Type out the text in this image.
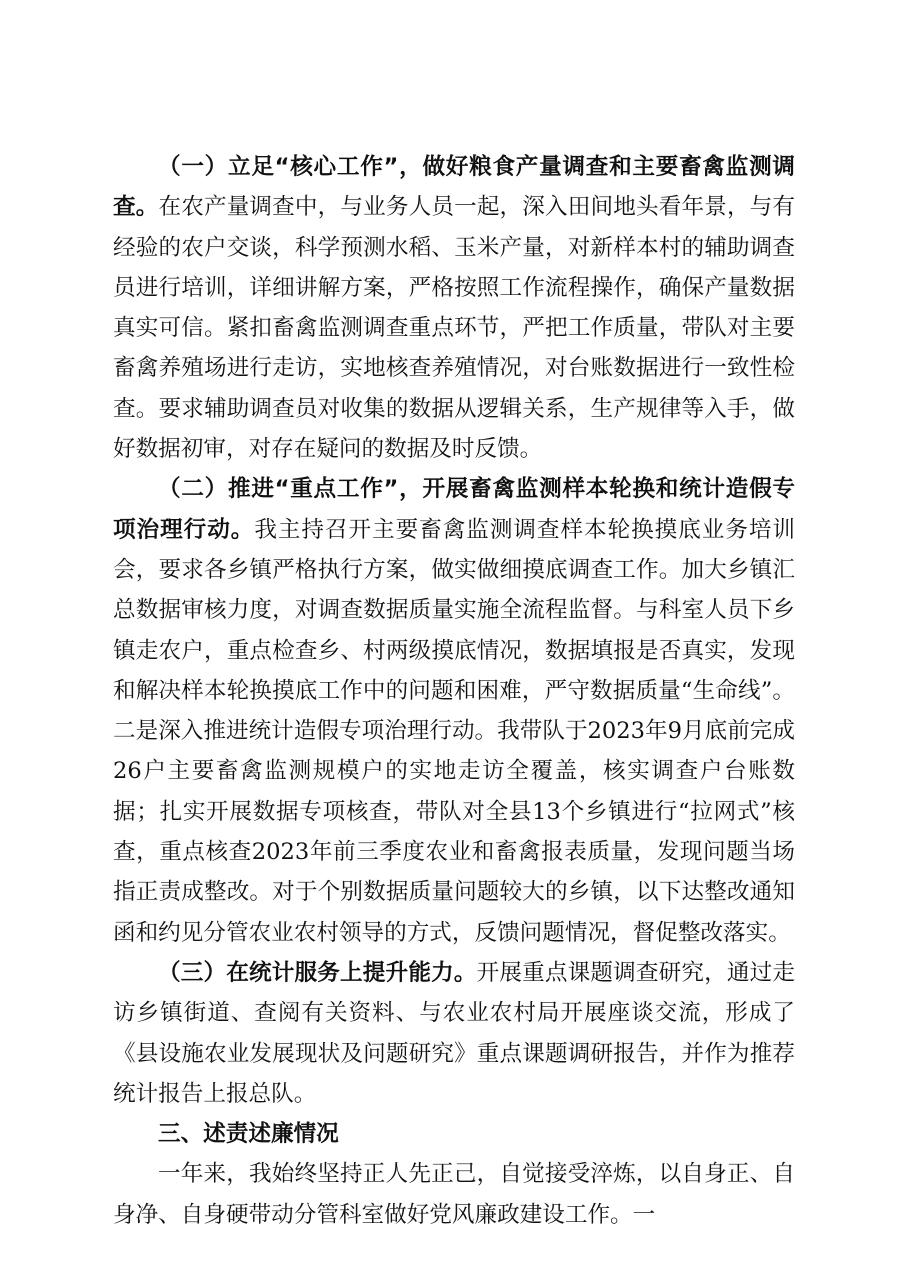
（一）立足“核心工作”，做好粮食产量调查和主要畜禽监测调查。在农产量调查中，与业务人员一起，深入田间地头看年景，与有经验的农户交谈，科学预测水稻、玉米产量，对新样本村的辅助调查员进行培训，详细讲解方案，严格按照工作流程操作，确保产量数据真实可信。紧扣畜禽监测调查重点环节，严把工作质量，带队对主要畜禽养殖场进行走访，实地核查养殖情况，对台账数据进行一致性检查。要求辅助调查员对收集的数据从逻辑关系，生产规律等入手，做好数据初审，对存在疑问的数据及时反馈。

（二）推进“重点工作”，开展畜禽监测样本轮换和统计造假专项治理行动。我主持召开主要畜禽监测调查样本轮换摸底业务培训会，要求各乡镇严格执行方案，做实做细摸底调查工作。加大乡镇汇总数据审核力度，对调查数据质量实施全流程监督。与科室人员下乡镇走农户，重点检查乡、村两级摸底情况，数据填报是否真实，发现和解决样本轮换摸底工作中的问题和困难，严守数据质量“生命线”。二是深入推进统计造假专项治理行动。我带队于2023年9月底前完成26户主要畜禽监测规模户的实地走访全覆盖，核实调查户台账数据；扎实开展数据专项核查，带队对全县13个乡镇进行“拉网式”核查，重点核查2023年前三季度农业和畜禽报表质量，发现问题当场指正责成整改。对于个别数据质量问题较大的乡镇，以下达整改通知函和约见分管农业农村领导的方式，反馈问题情况，督促整改落实。

（三）在统计服务上提升能力。开展重点课题调查研究，通过走访乡镇街道、查阅有关资料、与农业农村局开展座谈交流，形成了《县设施农业发展现状及问题研究》重点课题调研报告，并作为推荐统计报告上报总队。

三、述责述廉情况

一年来，我始终坚持正人先正己，自觉接受淬炼，以自身正、自身净、自身硬带动分管科室做好党风廉政建设工作。一
